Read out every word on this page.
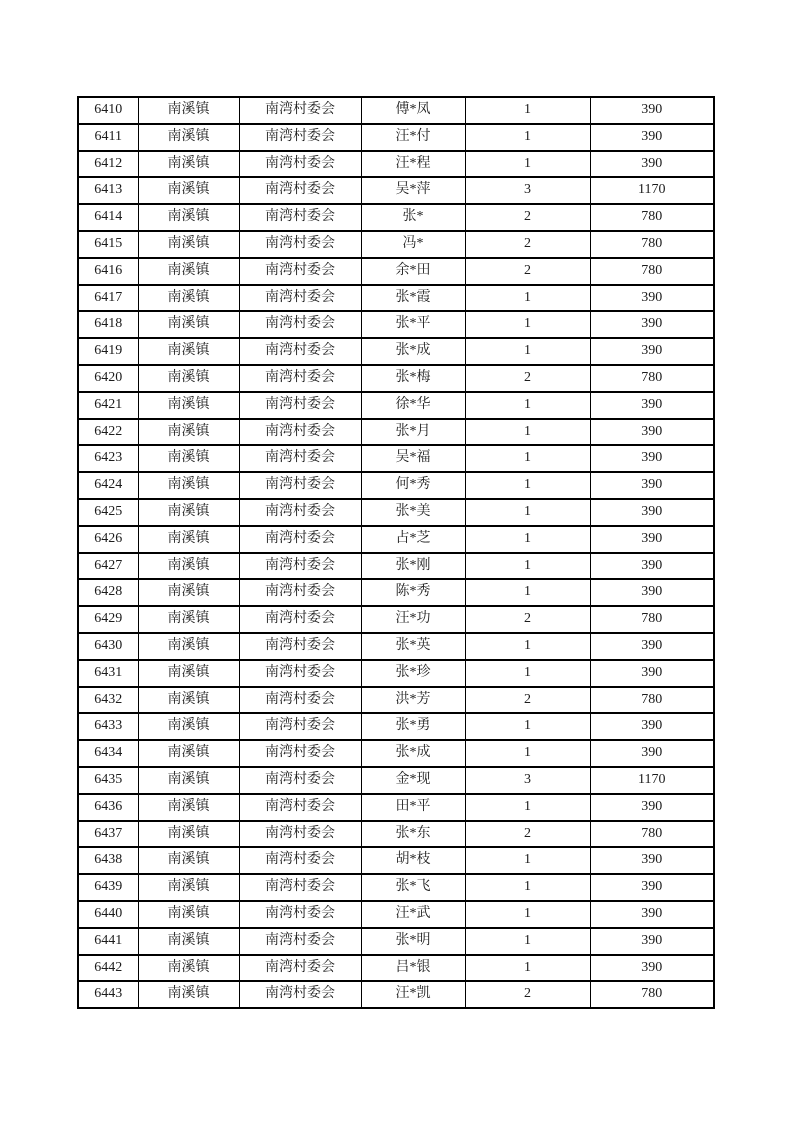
6410	南溪镇	南湾村委会	傅*凤	1	390
6411	南溪镇	南湾村委会	汪*付	1	390
6412	南溪镇	南湾村委会	汪*程	1	390
6413	南溪镇	南湾村委会	吴*萍	3	1170
6414	南溪镇	南湾村委会	张*	2	780
6415	南溪镇	南湾村委会	冯*	2	780
6416	南溪镇	南湾村委会	余*田	2	780
6417	南溪镇	南湾村委会	张*霞	1	390
6418	南溪镇	南湾村委会	张*平	1	390
6419	南溪镇	南湾村委会	张*成	1	390
6420	南溪镇	南湾村委会	张*梅	2	780
6421	南溪镇	南湾村委会	徐*华	1	390
6422	南溪镇	南湾村委会	张*月	1	390
6423	南溪镇	南湾村委会	吴*福	1	390
6424	南溪镇	南湾村委会	何*秀	1	390
6425	南溪镇	南湾村委会	张*美	1	390
6426	南溪镇	南湾村委会	占*芝	1	390
6427	南溪镇	南湾村委会	张*刚	1	390
6428	南溪镇	南湾村委会	陈*秀	1	390
6429	南溪镇	南湾村委会	汪*功	2	780
6430	南溪镇	南湾村委会	张*英	1	390
6431	南溪镇	南湾村委会	张*珍	1	390
6432	南溪镇	南湾村委会	洪*芳	2	780
6433	南溪镇	南湾村委会	张*勇	1	390
6434	南溪镇	南湾村委会	张*成	1	390
6435	南溪镇	南湾村委会	金*现	3	1170
6436	南溪镇	南湾村委会	田*平	1	390
6437	南溪镇	南湾村委会	张*东	2	780
6438	南溪镇	南湾村委会	胡*枝	1	390
6439	南溪镇	南湾村委会	张*飞	1	390
6440	南溪镇	南湾村委会	汪*武	1	390
6441	南溪镇	南湾村委会	张*明	1	390
6442	南溪镇	南湾村委会	吕*银	1	390
6443	南溪镇	南湾村委会	汪*凯	2	780
